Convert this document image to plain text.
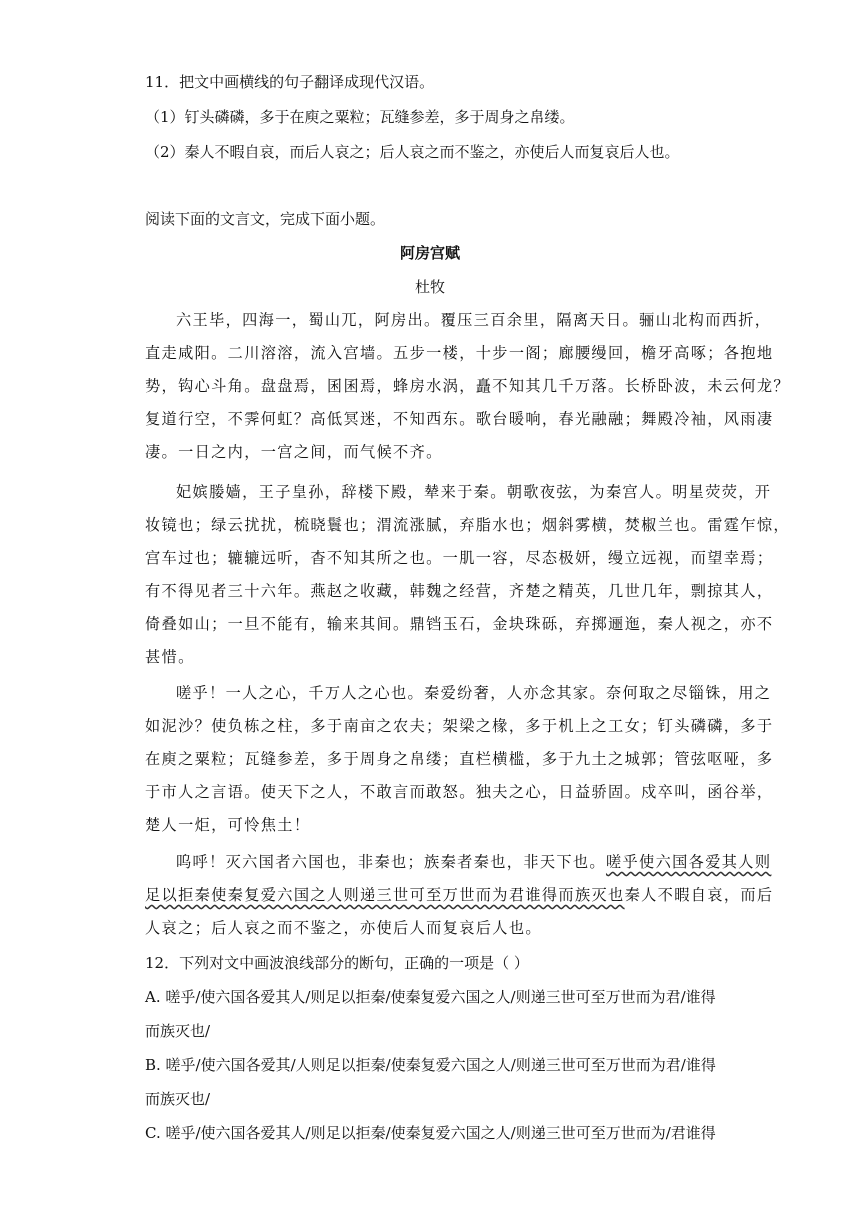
11．把文中画横线的句子翻译成现代汉语。
（1）钉头磷磷，多于在庾之粟粒；瓦缝参差，多于周身之帛缕。
（2）秦人不暇自哀，而后人哀之；后人哀之而不鉴之，亦使后人而复哀后人也。
阅读下面的文言文，完成下面小题。
阿房宫赋
杜牧
六王毕，四海一，蜀山兀，阿房出。覆压三百余里，隔离天日。骊山北构而西折，
直走咸阳。二川溶溶，流入宫墙。五步一楼，十步一阁；廊腰缦回，檐牙高啄；各抱地
势，钩心斗角。盘盘焉，囷囷焉，蜂房水涡，矗不知其几千万落。长桥卧波，未云何龙？
复道行空，不霁何虹？高低冥迷，不知西东。歌台暖响，春光融融；舞殿冷袖，风雨凄
凄。一日之内，一宫之间，而气候不齐。
妃嫔媵嫱，王子皇孙，辞楼下殿，辇来于秦。朝歌夜弦，为秦宫人。明星荧荧，开
妆镜也；绿云扰扰，梳晓鬟也；渭流涨腻，弃脂水也；烟斜雾横，焚椒兰也。雷霆乍惊，
宫车过也；辘辘远听，杳不知其所之也。一肌一容，尽态极妍，缦立远视，而望幸焉；
有不得见者三十六年。燕赵之收藏，韩魏之经营，齐楚之精英，几世几年，剽掠其人，
倚叠如山；一旦不能有，输来其间。鼎铛玉石，金块珠砾，弃掷逦迤，秦人视之，亦不
甚惜。
嗟乎！一人之心，千万人之心也。秦爱纷奢，人亦念其家。奈何取之尽锱铢，用之
如泥沙？使负栋之柱，多于南亩之农夫；架梁之椽，多于机上之工女；钉头磷磷，多于
在庾之粟粒；瓦缝参差，多于周身之帛缕；直栏横槛，多于九土之城郭；管弦呕哑，多
于市人之言语。使天下之人，不敢言而敢怒。独夫之心，日益骄固。戍卒叫，函谷举，
楚人一炬，可怜焦土！
呜呼！灭六国者六国也，非秦也；族秦者秦也，非天下也。嗟乎使六国各爱其人则
足以拒秦使秦复爱六国之人则递三世可至万世而为君谁得而族灭也秦人不暇自哀，而后
人哀之；后人哀之而不鉴之，亦使后人而复哀后人也。
12．下列对文中画波浪线部分的断句，正确的一项是（ ）
A. 嗟乎/使六国各爱其人/则足以拒秦/使秦复爱六国之人/则递三世可至万世而为君/谁得
而族灭也/
B. 嗟乎/使六国各爱其/人则足以拒秦/使秦复爱六国之人/则递三世可至万世而为君/谁得
而族灭也/
C. 嗟乎/使六国各爱其人/则足以拒秦/使秦复爱六国之人/则递三世可至万世而为/君谁得
